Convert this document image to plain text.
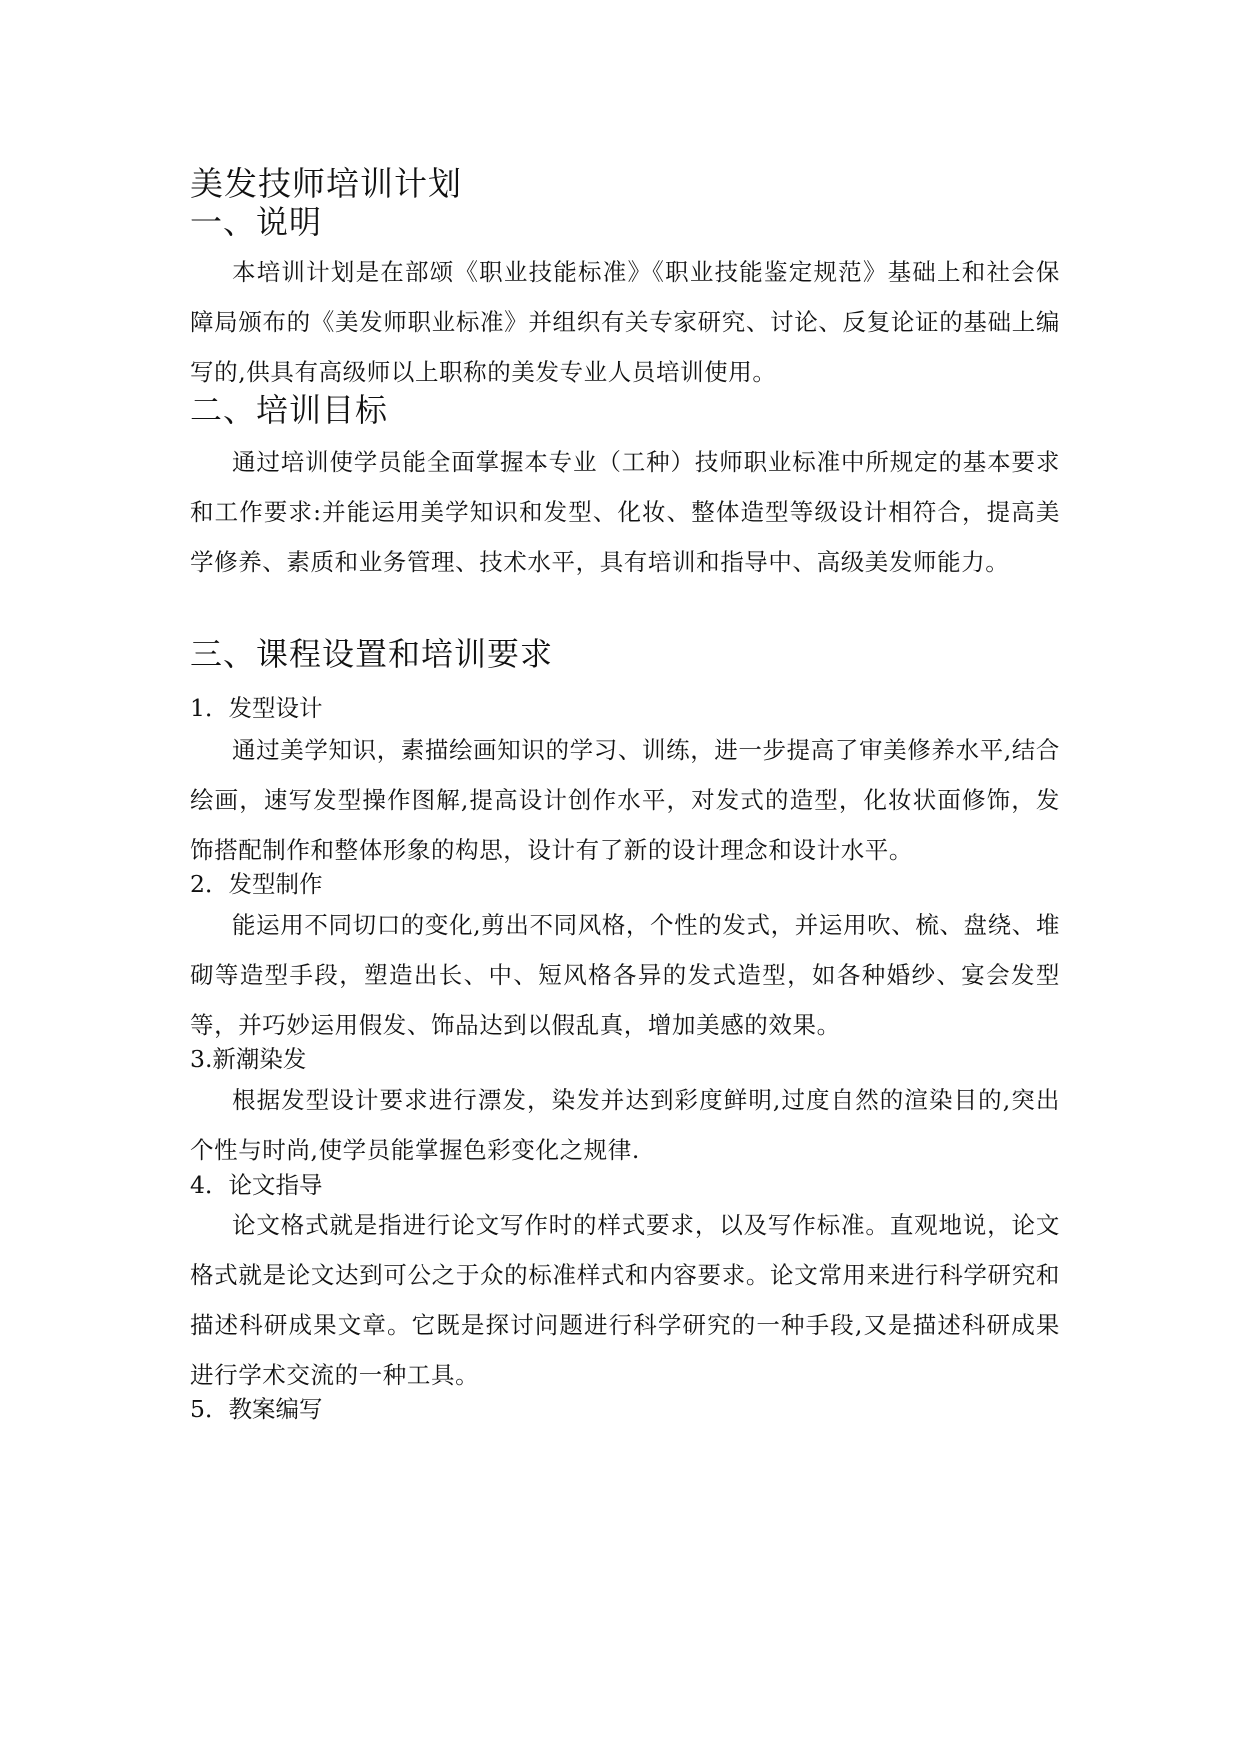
美发技师培训计划
一、说明

本培训计划是在部颂《职业技能标准》《职业技能鉴定规范》基础上和社会保障局颁布的《美发师职业标准》并组织有关专家研究、讨论、反复论证的基础上编写的,供具有高级师以上职称的美发专业人员培训使用。

二、培训目标

通过培训使学员能全面掌握本专业（工种）技师职业标准中所规定的基本要求和工作要求:并能运用美学知识和发型、化妆、整体造型等级设计相符合，提高美学修养、素质和业务管理、技术水平，具有培训和指导中、高级美发师能力。

三、课程设置和培训要求
1．发型设计

通过美学知识，素描绘画知识的学习、训练，进一步提高了审美修养水平,结合绘画，速写发型操作图解,提高设计创作水平，对发式的造型，化妆状面修饰，发饰搭配制作和整体形象的构思，设计有了新的设计理念和设计水平。

2．发型制作

能运用不同切口的变化,剪出不同风格，个性的发式，并运用吹、梳、盘绕、堆砌等造型手段，塑造出长、中、短风格各异的发式造型，如各种婚纱、宴会发型等，并巧妙运用假发、饰品达到以假乱真，增加美感的效果。

3.新潮染发

根据发型设计要求进行漂发，染发并达到彩度鲜明,过度自然的渲染目的,突出个性与时尚,使学员能掌握色彩变化之规律.

4．论文指导

论文格式就是指进行论文写作时的样式要求，以及写作标准。直观地说，论文格式就是论文达到可公之于众的标准样式和内容要求。论文常用来进行科学研究和描述科研成果文章。它既是探讨问题进行科学研究的一种手段,又是描述科研成果进行学术交流的一种工具。

5．教案编写
